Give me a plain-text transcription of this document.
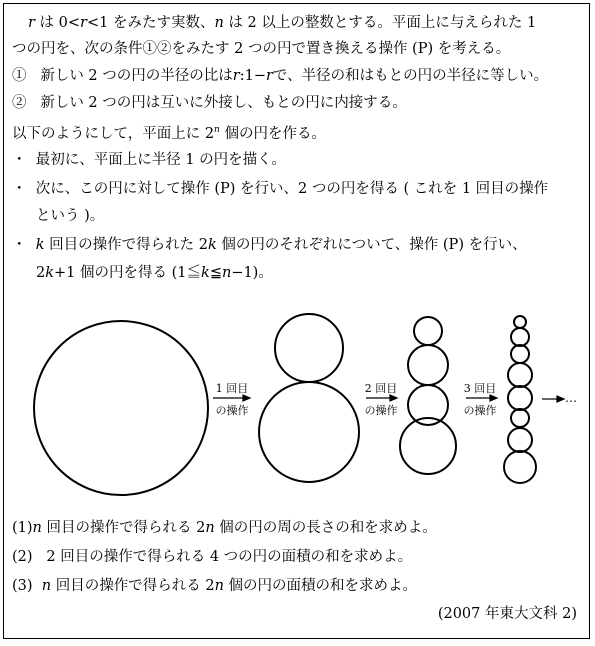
r は 0<r<1 をみたす実数、n は 2 以上の整数とする。平面上に与えられた 1
つの円を、次の条件①②をみたす 2 つの円で置き換える操作 (P) を考える。
① 新しい 2 つの円の半径の比はr:1−rで、半径の和はもとの円の半径に等しい。
② 新しい 2 つの円は互いに外接し、もとの円に内接する。
以下のようにして，平面上に 2$^n$ 個の円を作る。
・ 最初に、平面上に半径 1 の円を描く。
・ 次に、この円に対して操作 (P) を行い、2 つの円を得る ( これを 1 回目の操作
という )。
・ k 回目の操作で得られた 2k 個の円のそれぞれについて、操作 (P) を行い、
2k+1 個の円を得る (1≦k≦n−1)。
1 回目
の操作
2 回目
の操作
3 回目
の操作
…
(1)n 回目の操作で得られる 2n 個の円の周の長さの和を求めよ。
(2) 2 回目の操作で得られる 4 つの円の面積の和を求めよ。
(3) n 回目の操作で得られる 2n 個の円の面積の和を求めよ。
(2007 年東大文科 2)
